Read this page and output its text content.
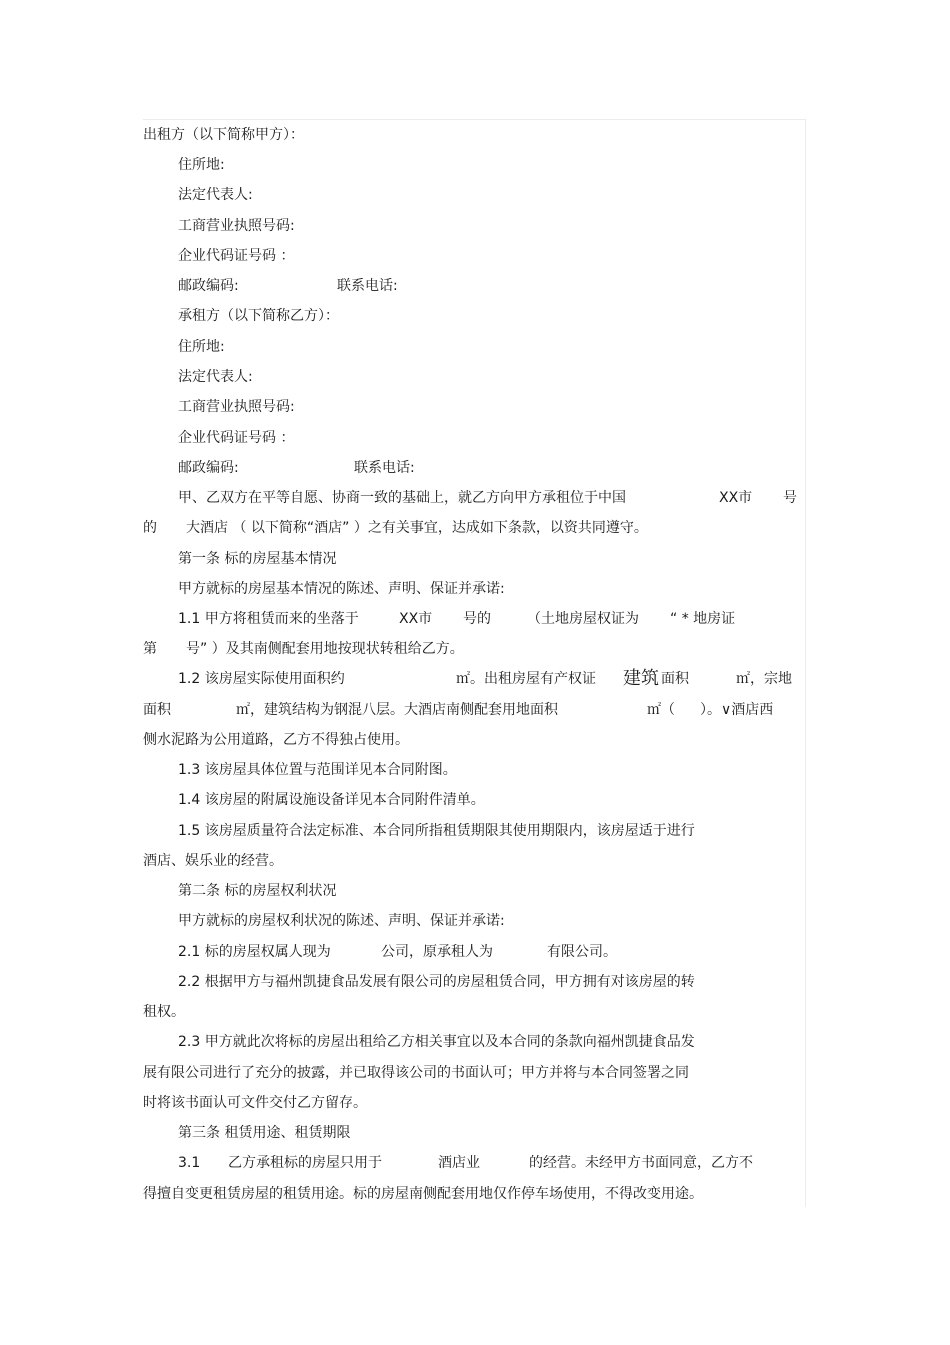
出租方（以下简称甲方）：
住所地:
法定代表人:
工商营业执照号码:
企业代码证号码 ：
邮政编码:	联系电话:
承租方（以下简称乙方）：
住所地:
法定代表人:
工商营业执照号码:
企业代码证号码 ：
邮政编码:	联系电话:
甲、乙双方在平等自愿、协商一致的基础上，就乙方向甲方承租位于中国	XX市 号
的 大酒店 （ 以下简称“酒店” ）之有关事宜，达成如下条款，以资共同遵守。
第一条 标的房屋基本情况
甲方就标的房屋基本情况的陈述、声明、保证并承诺:
1.1 甲方将租赁而来的坐落于	XX市 号的	（土地房屋权证为 “ * 地房证
第 号” ）及其南侧配套用地按现状转租给乙方。
1.2 该房屋实际使用面积约	㎡。出租房屋有产权证 建筑 面积	㎡，宗地
面积	㎡，建筑结构为钢混八层。大酒店南侧配套用地面积	㎡（ ）。∨酒店西
侧水泥路为公用道路，乙方不得独占使用。
1.3 该房屋具体位置与范围详见本合同附图。
1.4 该房屋的附属设施设备详见本合同附件清单。
1.5 该房屋质量符合法定标准、本合同所指租赁期限其使用期限内，该房屋适于进行
酒店、娱乐业的经营。
第二条 标的房屋权利状况
甲方就标的房屋权利状况的陈述、声明、保证并承诺:
2.1 标的房屋权属人现为	公司，原承租人为	有限公司。
2.2 根据甲方与福州凯捷食品发展有限公司的房屋租赁合同，甲方拥有对该房屋的转
租权。
2.3 甲方就此次将标的房屋出租给乙方相关事宜以及本合同的条款向福州凯捷食品发
展有限公司进行了充分的披露，并已取得该公司的书面认可；甲方并将与本合同签署之同
时将该书面认可文件交付乙方留存。
第三条 租赁用途、租赁期限
3.1 乙方承租标的房屋只用于	酒店业	的经营。未经甲方书面同意，乙方不
得擅自变更租赁房屋的租赁用途。标的房屋南侧配套用地仅作停车场使用，不得改变用途。
